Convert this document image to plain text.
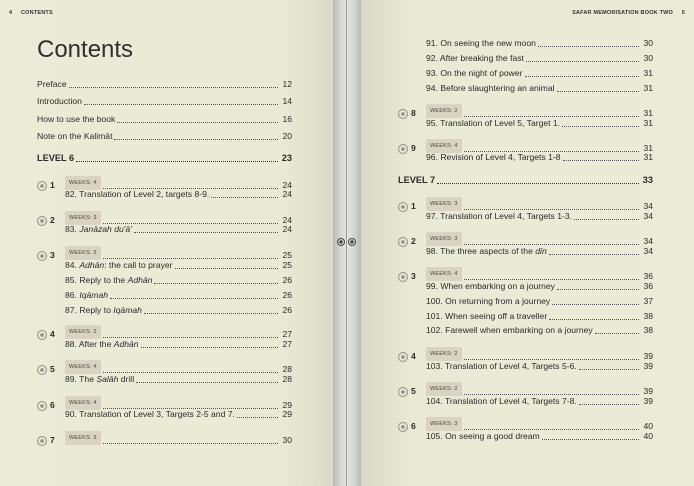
4 CONTENTS
Contents
Preface	12
Introduction	14
How to use the book	16
Note on the Kalimāt	20
LEVEL 6	23
1	WEEKS: 4	24
82. Translation of Level 2, targets 8-9.	24
2	WEEKS: 3	24
83. Janāzah du'ā'	24
3	WEEKS: 3	25
84. Adhān: the call to prayer	25
85. Reply to the Adhān	26
86. Iqāmah	26
87. Reply to Iqāmah	26
4	WEEKS: 2	27
88. After the Adhān	27
5	WEEKS: 4	28
89. The Ṣalāh drill	28
6	WEEKS: 4	29
90. Translation of Level 3, Targets 2-5 and 7.	29
7	WEEKS: 3	30
SAFAR MEMORISATION BOOK TWO 5
91. On seeing the new moon	30
92. After breaking the fast	30
93. On the night of power	31
94. Before slaughtering an animal	31
8	WEEKS: 2	31
95. Translation of Level 5, Target 1.	31
9	WEEKS: 4	31
96. Revision of Level 4, Targets 1-8	31
LEVEL 7	33
1	WEEKS: 3	34
97. Translation of Level 4, Targets 1-3.	34
2	WEEKS: 3	34
98. The three aspects of the dīn	34
3	WEEKS: 4	36
99. When embarking on a journey	36
100. On returning from a journey	37
101. When seeing off a traveller	38
102. Farewell when embarking on a journey	38
4	WEEKS: 2	39
103. Translation of Level 4, Targets 5-6.	39
5	WEEKS: 2	39
104. Translation of Level 4, Targets 7-8.	39
6	WEEKS: 3	40
105. On seeing a good dream	40
